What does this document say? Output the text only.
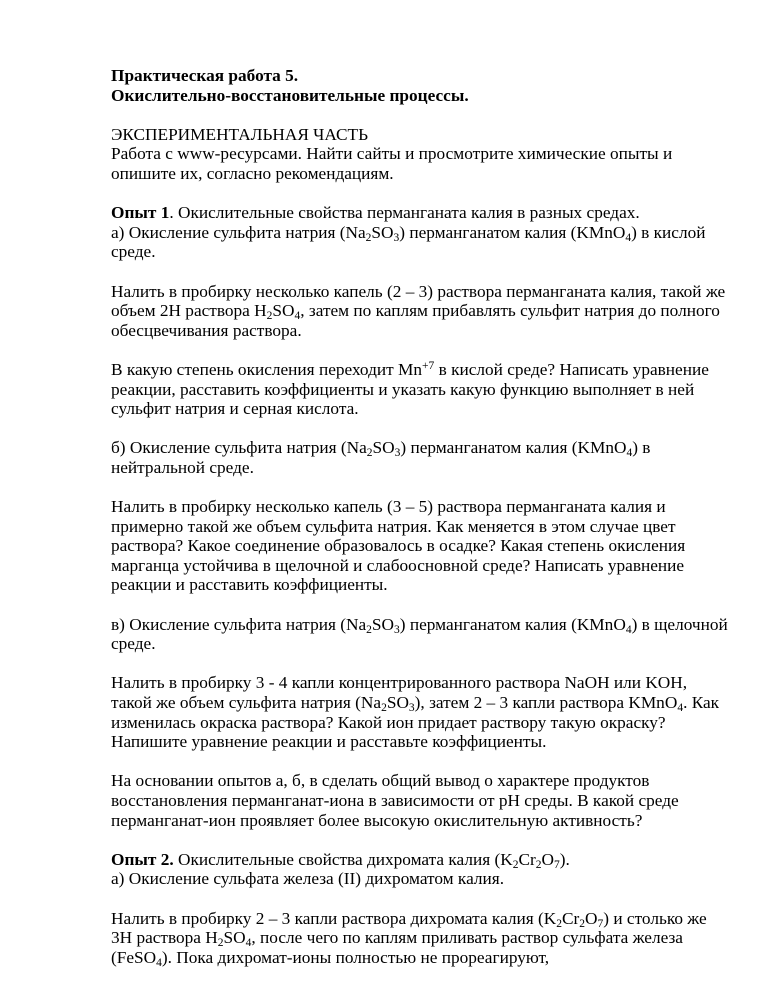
Практическая работа 5.

Окислительно-восстановительные процессы.

ЭКСПЕРИМЕНТАЛЬНАЯ ЧАСТЬ

Работа с www-ресурсами. Найти сайты и просмотрите химические опыты и опишите их, согласно рекомендациям.

Опыт 1. Окислительные свойства перманганата калия в разных средах.

а) Окисление сульфита натрия $(Na_2SO_3)$ перманганатом калия (KMnO$_4$) в кислой среде.

Налить в пробирку несколько капель (2 – 3) раствора перманганата калия, такой же объем 2Н раствора $H_2SO_4$, затем по каплям прибавлять сульфит натрия до полного обесцвечивания раствора.

В какую степень окисления переходит $Mn^{+7}$ в кислой среде? Написать уравнение реакции, расставить коэффициенты и указать какую функцию выполняет в ней сульфит натрия и серная кислота.

б) Окисление сульфита натрия $(Na_2SO_3)$ перманганатом калия (KMnO$_4$) в нейтральной среде.

Налить в пробирку несколько капель (3 – 5) раствора перманганата калия и примерно такой же объем сульфита натрия. Как меняется в этом случае цвет раствора? Какое соединение образовалось в осадке? Какая степень окисления марганца устойчива в щелочной и слабоосновной среде? Написать уравнение реакции и расставить коэффициенты.

в) Окисление сульфита натрия $(Na_2SO_3)$ перманганатом калия (KMnO$_4$) в щелочной среде.

Налить в пробирку 3 - 4 капли концентрированного раствора NaOH или KOH, такой же объем сульфита натрия $(Na_2SO_3)$, затем 2 – 3 капли раствора KMnO$_4$. Как изменилась окраска раствора? Какой ион придает раствору такую окраску? Напишите уравнение реакции и расставьте коэффициенты.

На основании опытов а, б, в сделать общий вывод о характере продуктов восстановления перманганат-иона в зависимости от pH среды. В какой среде перманганат-ион проявляет более высокую окислительную активность?

Опыт 2. Окислительные свойства дихромата калия $(K_2Cr_2O_7)$.

а) Окисление сульфата железа (II) дихроматом калия.

Налить в пробирку 2 – 3 капли раствора дихромата калия $(K_2Cr_2O_7)$ и столько же 3Н раствора $H_2SO_4$, после чего по каплям приливать раствор сульфата железа (FeSO$_4$). Пока дихромат-ионы полностью не прореагируют,
